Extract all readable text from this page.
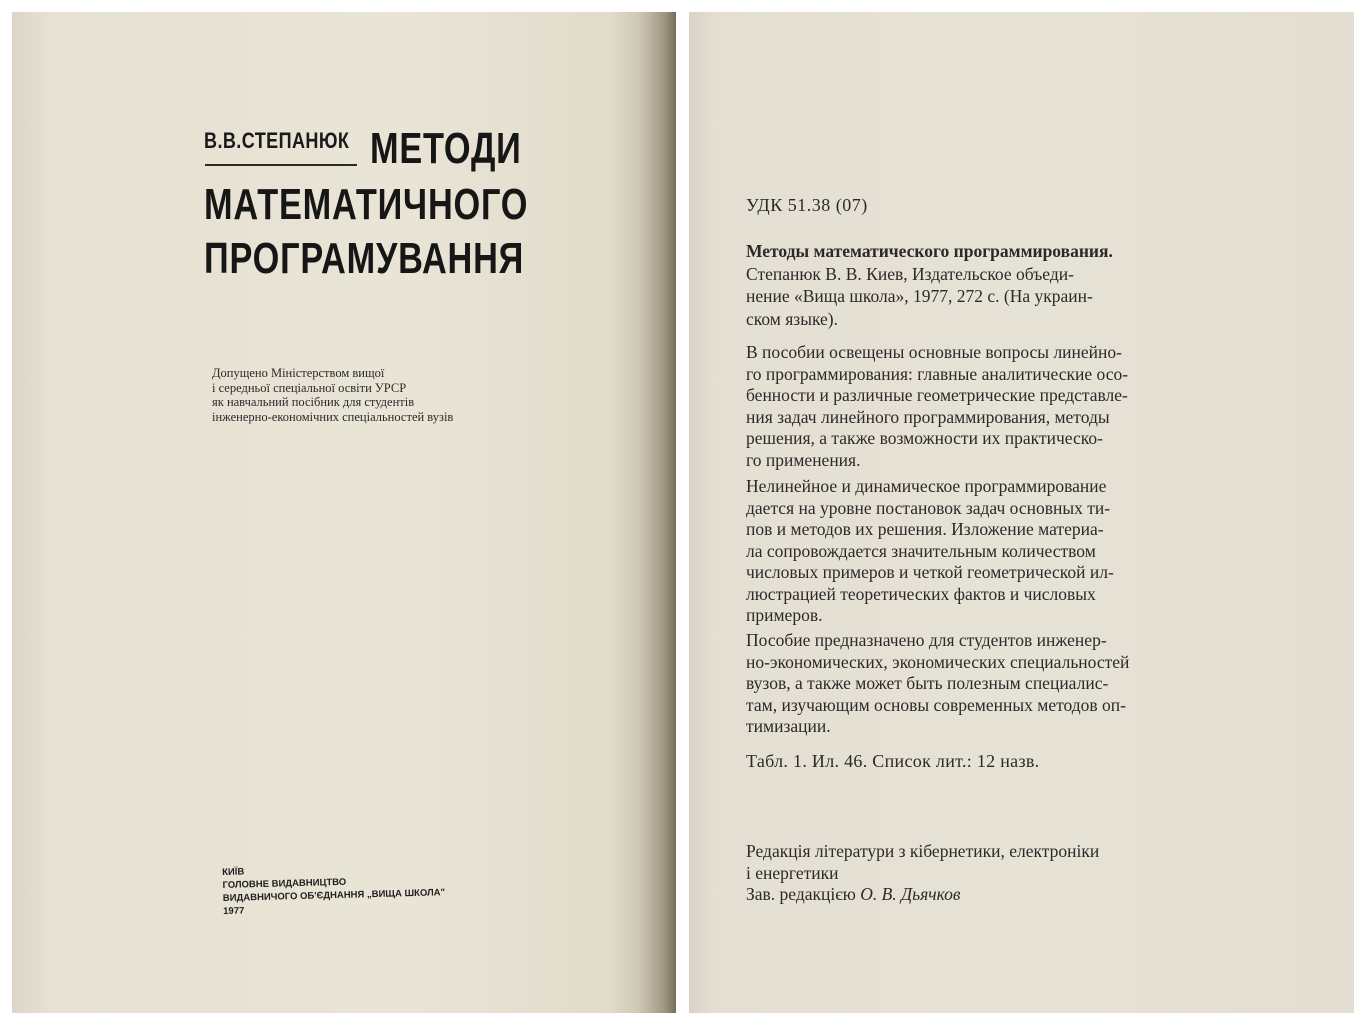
В.В.СТЕПАНЮК МЕТОДИ
МАТЕМАТИЧНОГО
ПРОГРАМУВАННЯ
Допущено Міністерством вищої
і середньої спеціальної освіти УРСР
як навчальний посібник для студентів
інженерно-економічних спеціальностей вузів
КИЇВ
ГОЛОВНЕ ВИДАВНИЦТВО
ВИДАВНИЧОГО ОБ'ЄДНАННЯ „ВИЩА ШКОЛА"
1977
УДК 51.38 (07)
Методы математического программирования.
Степанюк В. В. Киев, Издательское объеди-
нение «Вища школа», 1977, 272 с. (На украин-
ском языке).
В пособии освещены основные вопросы линейно-
го программирования: главные аналитические осо-
бенности и различные геометрические представле-
ния задач линейного программирования, методы
решения, а также возможности их практическо-
го применения.
Нелинейное и динамическое программирование
дается на уровне постановок задач основных ти-
пов и методов их решения. Изложение материа-
ла сопровождается значительным количеством
числовых примеров и четкой геометрической ил-
люстрацией теоретических фактов и числовых
примеров.
Пособие предназначено для студентов инженер-
но-экономических, экономических специальностей
вузов, а также может быть полезным специалис-
там, изучающим основы современных методов оп-
тимизации.
Табл. 1. Ил. 46. Список лит.: 12 назв.
Редакція літератури з кібернетики, електроніки
і енергетики
Зав. редакцією О. В. Дьячков
